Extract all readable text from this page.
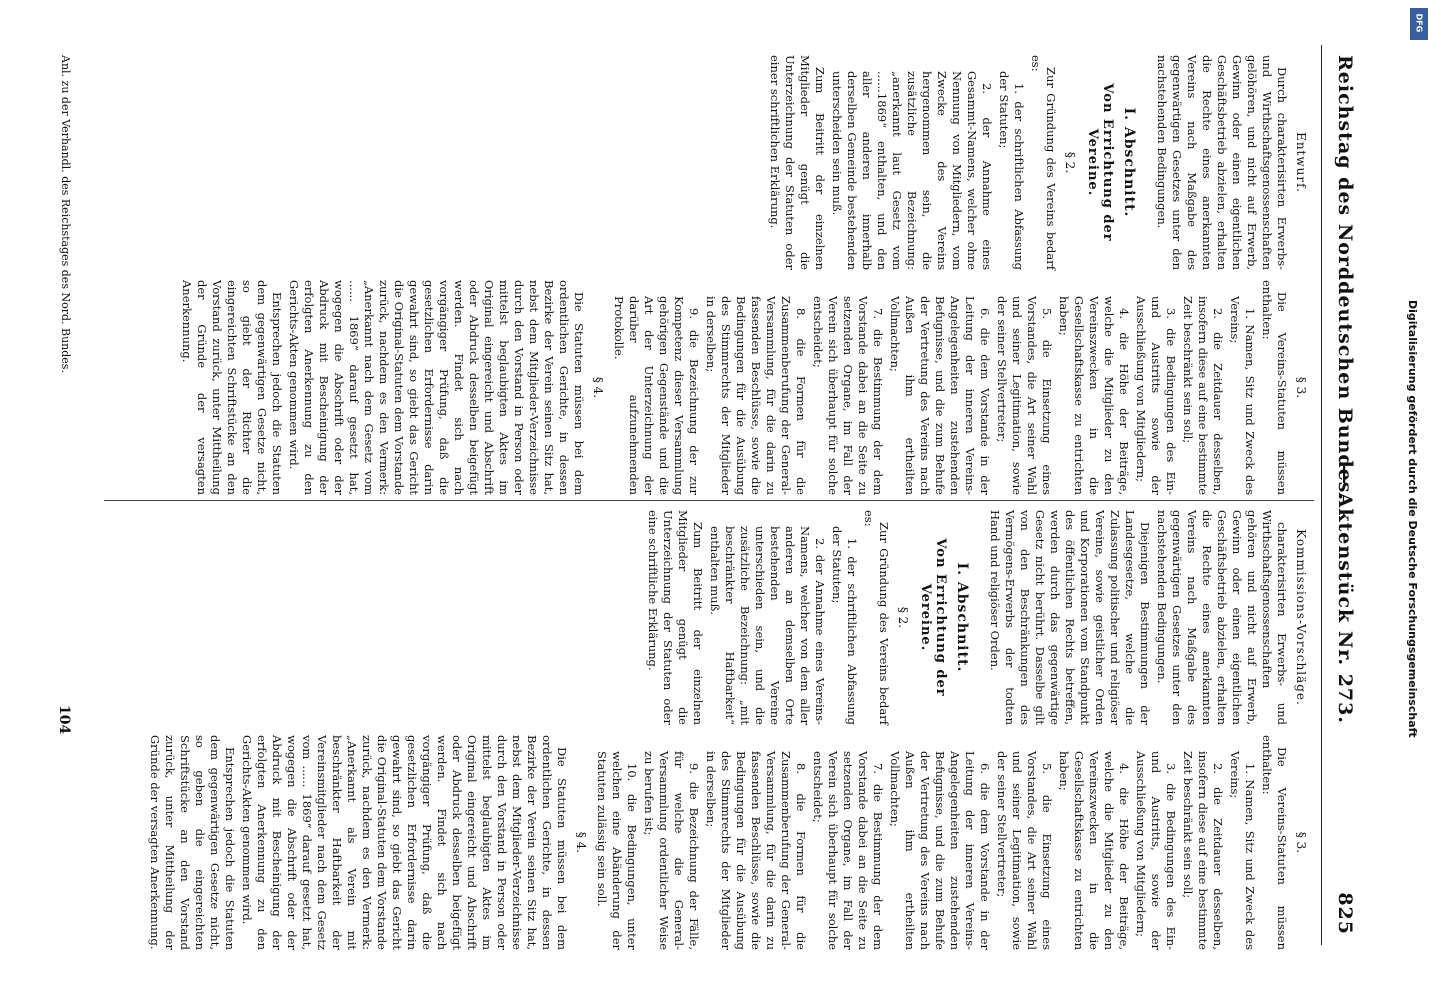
Reichstag des Norddeutschen Bundes.
— Aktenstück Nr. 273.
825
Entwurf.

Durch charakterisirten Erwerbs- und Wirthschaftsgenossenschaften gelöhören, und nicht auf Erwerb, Gewinn oder einen eigentlichen Geschäftsbetrieb abzielen, erhalten die Rechte eines anerkannten Vereins nach Maßgabe des gegenwärtigen Gesetzes unter den nachstehenden Bedingungen.

I. Abschnitt.
Von Errichtung der Vereine.
§ 2.

Zur Gründung des Vereins bedarf es:

1. der schriftlichen Abfassung der Statuten;

2. der Annahme eines Gesammt-Namens, welcher ohne Nennung von Mitgliedern, vom Zwecke des Vereins hergenommen sein, die zusätzliche Bezeichnung: „anerkannt laut Gesetz vom ......1869“ enthalten, und den aller anderen innerhalb derselben Gemeinde bestehenden unterscheiden sein muß.

Zum Beitritt der einzelnen Mitglieder genügt die Unterzeichnung der Statuten oder einer schriftlichen Erklärung.

§ 3.

Die Vereins-Statuten müssen enthalten:

1. Namen, Sitz und Zweck des Vereins;

2. die Zeitdauer desselben, insofern diese auf eine bestimmte Zeit beschränkt sein soll;

3. die Bedingungen des Ein- und Austritts sowie der Ausschließung von Mitgliedern;

4. die Höhe der Beiträge, welche die Mitglieder zu den Vereinszwecken in die Gesellschaftskasse zu entrichten haben;

5. die Einsetzung eines Vorstandes, die Art seiner Wahl und seiner Legitimation, sowie der seiner Stellvertreter;

6. die dem Vorstande in der Leitung der inneren Vereins-Angelegenheiten zustehenden Befugnisse, und die zum Behufe der Vertretung des Vereins nach Außen ihm ertheilten Vollmachten;

7. die Bestimmung der dem Vorstande dabei an die Seite zu setzenden Organe, im Fall der Verein sich überhaupt für solche entscheidet;

8. die Formen für die Zusammenberufung der General-Versammlung, für die darin zu fassenden Beschlüsse, sowie die Bedingungen für die Ausübung des Stimmrechts der Mitglieder in derselben;

9. die Bezeichnung der zur Kompetenz dieser Versammlung gehörigen Gegenstände und die Art der Unterzeichnung der darüber aufzunehmenden Protokolle.

§ 4.

Die Statuten müssen bei dem ordentlichen Gerichte, in dessen Bezirke der Verein seinen Sitz hat, nebst dem Mitglieder-Verzeichnisse durch den Vorstand in Person oder mittelst beglaubigten Aktes im Original eingereicht und Abschrift oder Abdruck desselben beigefügt werden. Findet sich nach vorgängiger Prüfung, daß die gesetzlichen Erfordernisse darin gewahrt sind, so giebt das Gericht die Original-Statuten dem Vorstande zurück, nachdem es den Vermerk: „Anerkannt nach dem Gesetz vom ...... 1869“ darauf gesetzt hat, wogegen die Abschrift oder der Abdruck mit Bescheinigung der erfolgten Anerkennung zu den Gerichts-Akten genommen wird.

Entsprechen jedoch die Statuten dem gegenwärtigen Gesetze nicht, so giebt der Richter die eingereichten Schriftstücke an den Vorstand zurück, unter Mittheilung der Gründe der versagten Anerkennung.

Kommissions-Vorschläge.

charakterisirten Erwerbs- und Wirthschaftsgenossenschaften gehören und nicht auf Erwerb, Gewinn oder einen eigentlichen Geschäftsbetrieb abzielen, erhalten die Rechte eines anerkannten Vereins nach Maßgabe des gegenwärtigen Gesetzes unter den nachstehenden Bedingungen.

Diejenigen Bestimmungen der Landesgesetze, welche die Zulassung politischer und religiöser Vereine, sowie geistlicher Orden und Korporationen vom Standpunkt des öffentlichen Rechts betreffen, werden durch das gegenwärtige Gesetz nicht berührt. Dasselbe gilt von den Beschränkungen des Vermögens-Erwerbs der todten Hand und religiöser Orden.

I. Abschnitt.
Von Errichtung der Vereine.
§ 2.

Zur Gründung des Vereins bedarf es:

1. der schriftlichen Abfassung der Statuten;

2. der Annahme eines Vereins-Namens, welcher von dem aller anderen an demselben Orte bestehenden Vereine unterschieden sein, und die zusätzliche Bezeichnung: „mit beschränkter Haftbarkeit“ enthalten muß.

Zum Beitritt der einzelnen Mitglieder genügt die Unterzeichnung der Statuten oder eine schriftliche Erklärung.

§ 3.

Die Vereins-Statuten müssen enthalten:

1. Namen, Sitz und Zweck des Vereins;

2. die Zeitdauer desselben, insofern diese auf eine bestimmte Zeit beschränkt sein soll;

3. die Bedingungen des Ein- und Austritts, sowie der Ausschließung von Mitgliedern;

4. die Höhe der Beiträge, welche die Mitglieder zu den Vereinszwecken in die Gesellschaftskasse zu entrichten haben;

5. die Einsetzung eines Vorstandes, die Art seiner Wahl und seiner Legitimation, sowie der seiner Stellvertreter;

6. die dem Vorstande in der Leitung der inneren Vereins-Angelegenheiten zustehenden Befugnisse, und die zum Behufe der Vertretung des Vereins nach Außen ihm ertheilten Vollmachten;

7. die Bestimmung der dem Vorstande dabei an die Seite zu setzenden Organe, im Fall der Verein sich überhaupt für solche entscheidet;

8. die Formen für die Zusammenberufung der General-Versammlung, für die darin zu fassenden Beschlüsse, sowie die Bedingungen für die Ausübung des Stimmrechts der Mitglieder in derselben;

9. die Bezeichnung der Fälle, für welche die General-Versammlung ordentlicher Weise zu berufen ist;

10. die Bedingungen, unter welchen eine Abänderung der Statuten zulässig sein soll.

§ 4.

Die Statuten müssen bei dem ordentlichen Gerichte, in dessen Bezirke der Verein seinen Sitz hat, nebst dem Mitglieder-Verzeichnisse durch den Vorstand in Person oder mittelst beglaubigten Aktes im Original eingereicht und Abschrift oder Abdruck desselben beigefügt werden. Findet sich nach vorgängiger Prüfung, daß die gesetzlichen Erfordernisse darin gewahrt sind, so giebt das Gericht die Original-Statuten dem Vorstande zurück, nachdem es den Vermerk: „Anerkannt als Verein mit beschränkter Haftbarkeit der Vereinsmitglieder nach dem Gesetz vom ...... 1869“ darauf gesetzt hat, wogegen die Abschrift oder der Abdruck mit Bescheinigung der erfolgten Anerkennung zu den Gerichts-Akten genommen wird.

Entsprechen jedoch die Statuten dem gegenwärtigen Gesetze nicht, so geben die eingereichten Schriftstücke an den Vorstand zurück, unter Mittheilung der Gründe der versagten Anerkennung.

Anl. zu der Verhandl. des Reichstages des Nord. Bundes.
104
DFG
Digitalisierung gefördert durch die Deutsche Forschungsgemeinschaft
